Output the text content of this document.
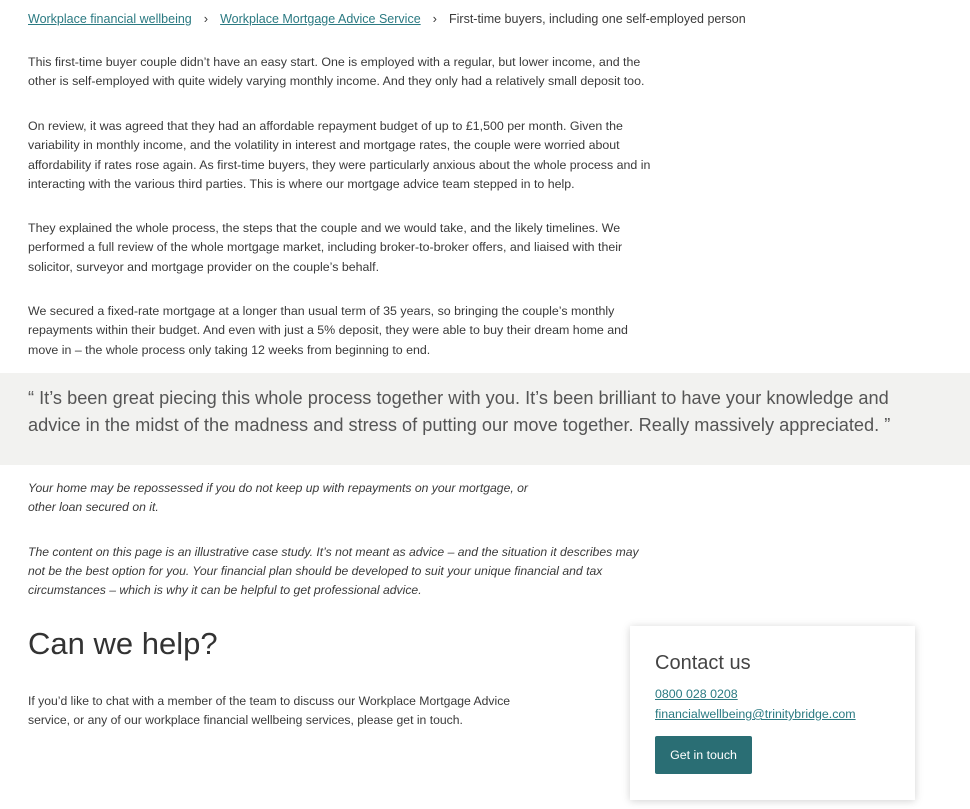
Workplace financial wellbeing › Workplace Mortgage Advice Service › First-time buyers, including one self-employed person

This first-time buyer couple didn’t have an easy start. One is employed with a regular, but lower income, and the other is self-employed with quite widely varying monthly income. And they only had a relatively small deposit too.

On review, it was agreed that they had an affordable repayment budget of up to £1,500 per month. Given the variability in monthly income, and the volatility in interest and mortgage rates, the couple were worried about affordability if rates rose again. As first-time buyers, they were particularly anxious about the whole process and in interacting with the various third parties. This is where our mortgage advice team stepped in to help.

They explained the whole process, the steps that the couple and we would take, and the likely timelines. We performed a full review of the whole mortgage market, including broker-to-broker offers, and liaised with their solicitor, surveyor and mortgage provider on the couple’s behalf.

We secured a fixed-rate mortgage at a longer than usual term of 35 years, so bringing the couple’s monthly repayments within their budget. And even with just a 5% deposit, they were able to buy their dream home and move in – the whole process only taking 12 weeks from beginning to end.

“ It’s been great piecing this whole process together with you. It’s been brilliant to have your knowledge and advice in the midst of the madness and stress of putting our move together. Really massively appreciated. ”

Your home may be repossessed if you do not keep up with repayments on your mortgage, or other loan secured on it.

The content on this page is an illustrative case study. It’s not meant as advice – and the situation it describes may not be the best option for you. Your financial plan should be developed to suit your unique financial and tax circumstances – which is why it can be helpful to get professional advice.

Can we help?

If you’d like to chat with a member of the team to discuss our Workplace Mortgage Advice service, or any of our workplace financial wellbeing services, please get in touch.

Contact us
0800 028 0208
financialwellbeing@trinitybridge.com
Get in touch
